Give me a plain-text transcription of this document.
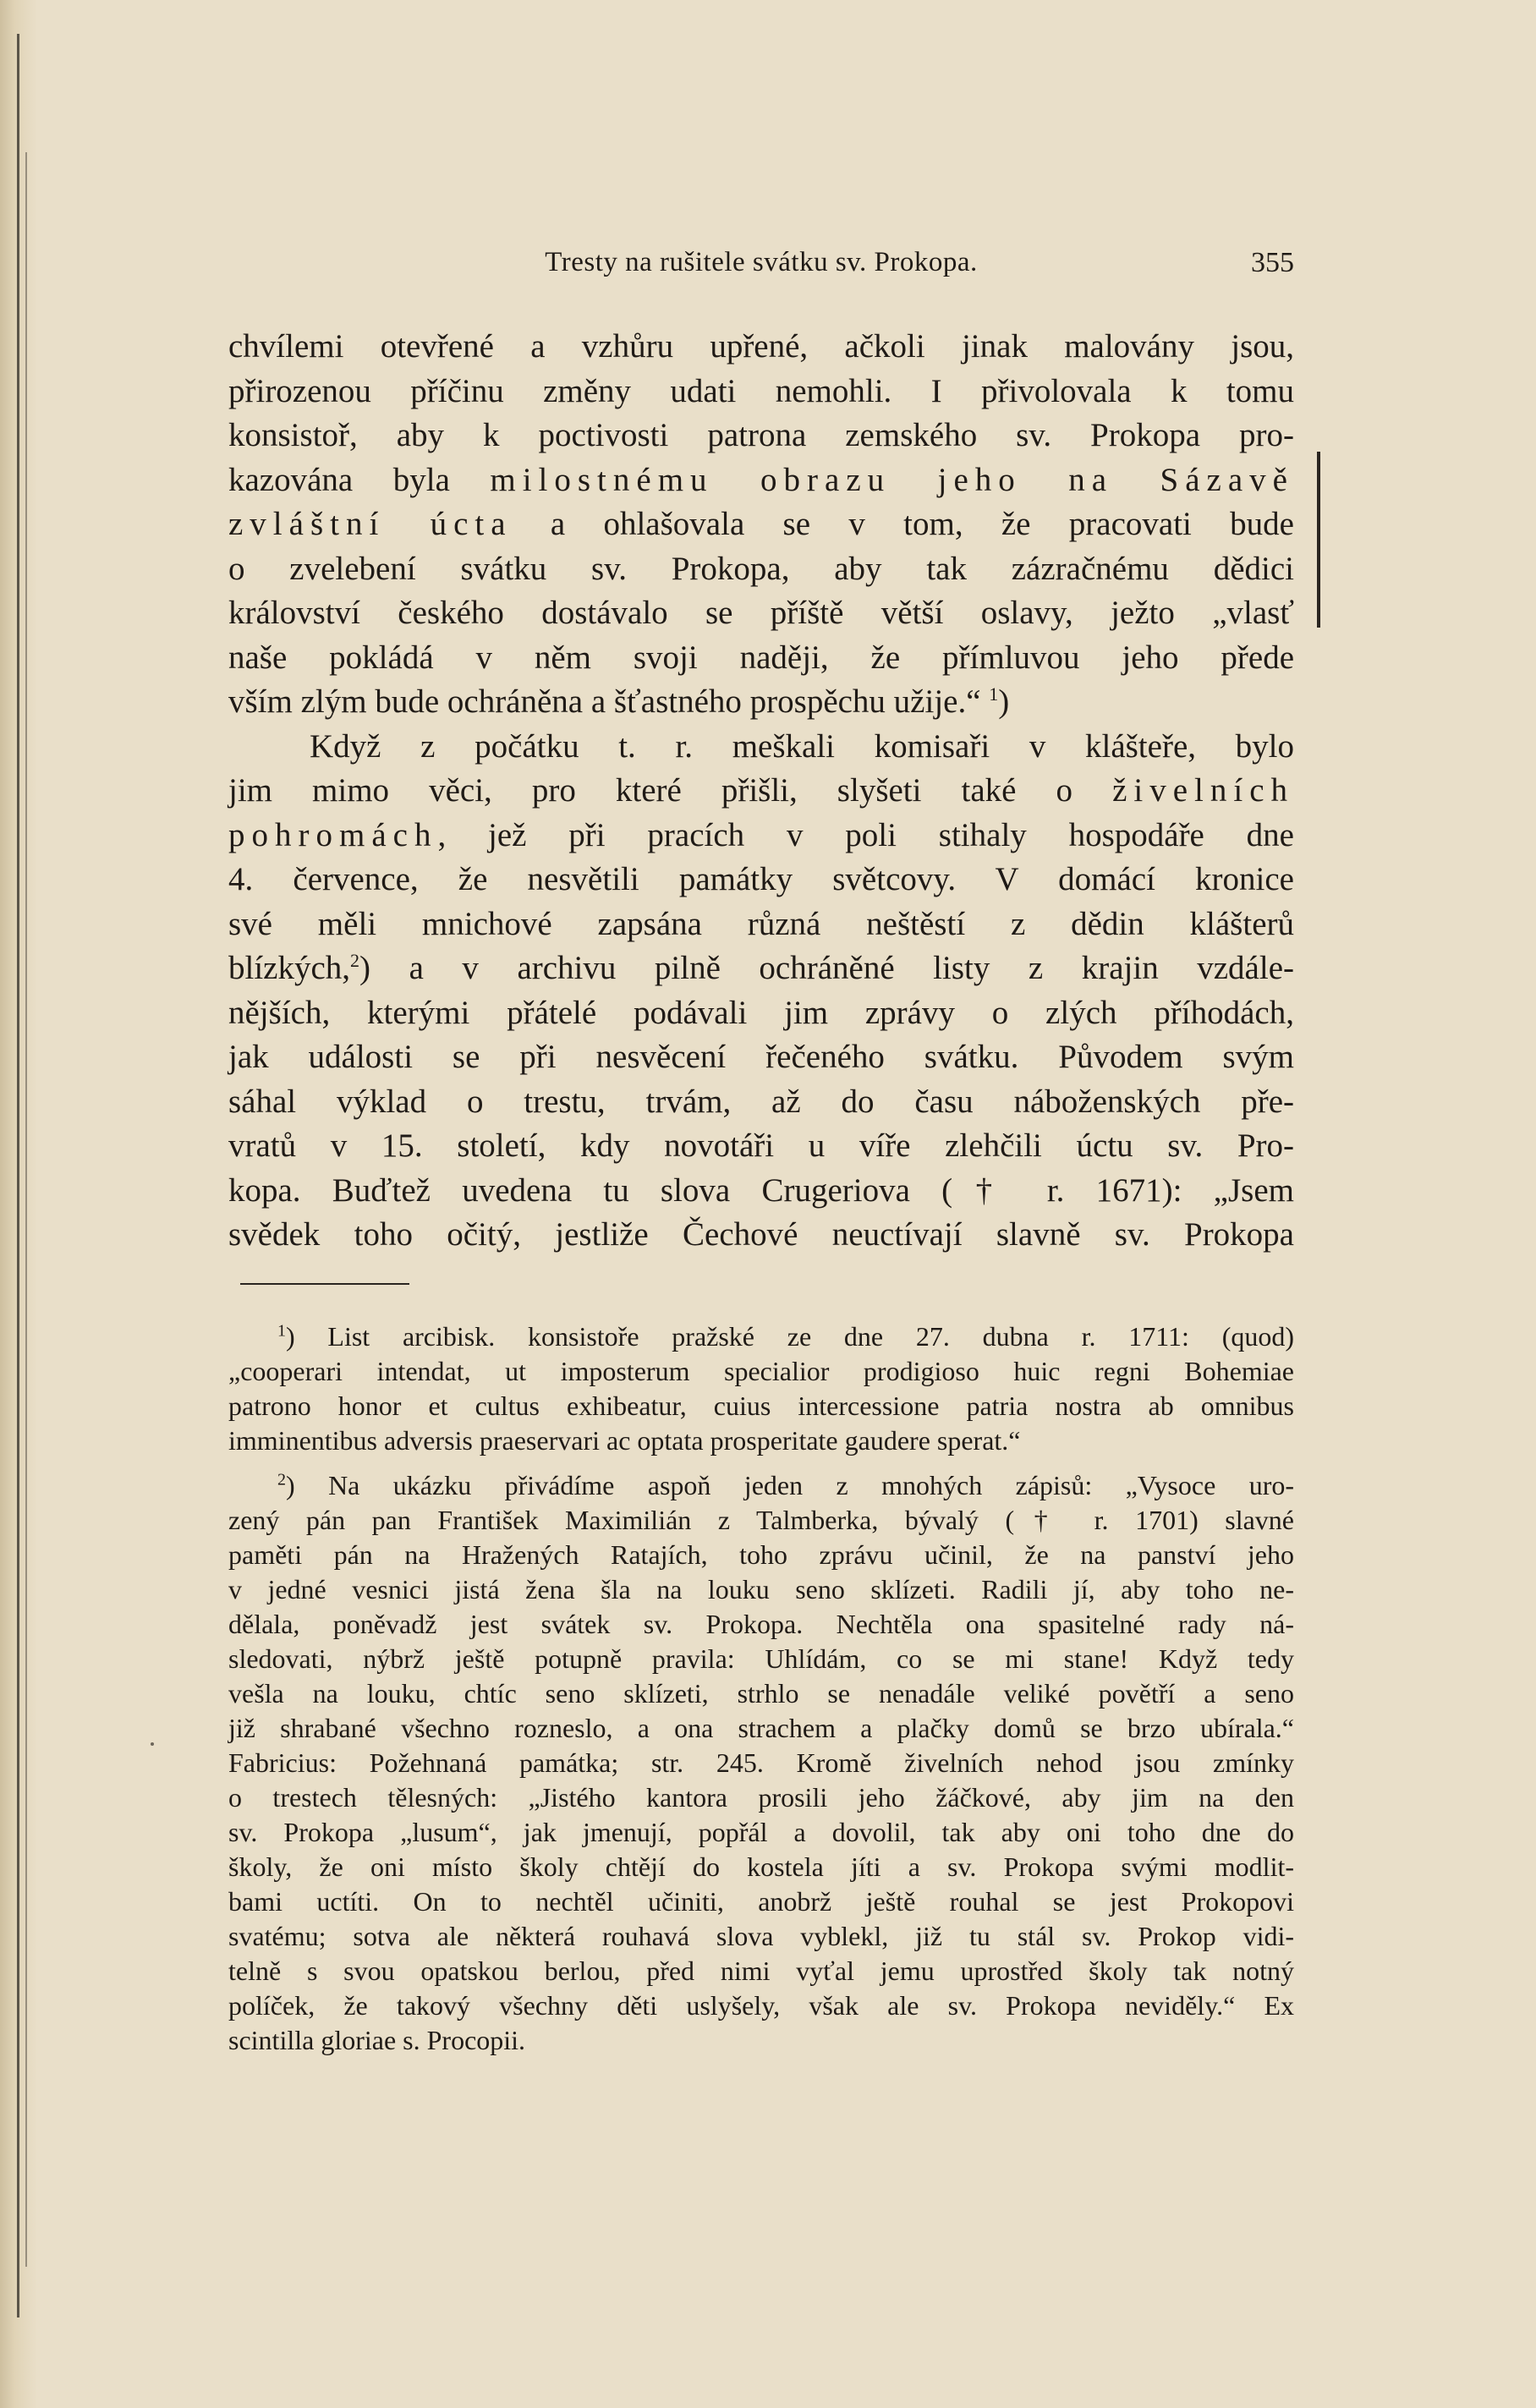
Tresty na rušitele svátku sv. Prokopa.	355
chvílemi otevřené a vzhůru upřené, ačkoli jinak malovány jsou,
přirozenou příčinu změny udati nemohli. I přivolovala k tomu
konsistoř, aby k poctivosti patrona zemského sv. Prokopa pro-
kazována byla milostnému obrazu jeho na Sázavě
zvláštní úcta a ohlašovala se v tom, že pracovati bude
o zvelebení svátku sv. Prokopa, aby tak zázračnému dědici
království českého dostávalo se příště větší oslavy, ježto „vlasť
naše pokládá v něm svoji naději, že přímluvou jeho přede
vším zlým bude ochráněna a šťastného prospěchu užije.“ $^1$)
Když z počátku t. r. meškali komisaři v klášteře, bylo
jim mimo věci, pro které přišli, slyšeti také o živelních
pohromách, jež při pracích v poli stihaly hospodáře dne
4. července, že nesvětili památky světcovy. V domácí kronice
své měli mnichové zapsána různá neštěstí z dědin klášterů
blízkých,$^2$) a v archivu pilně ochráněné listy z krajin vzdále-
nějších, kterými přátelé podávali jim zprávy o zlých příhodách,
jak události se při nesvěcení řečeného svátku. Původem svým
sáhal výklad o trestu, trvám, až do času náboženských pře-
vratů v 15. století, kdy novotáři u víře zlehčili úctu sv. Pro-
kopa. Buďtež uvedena tu slova Crugeriova († r. 1671): „Jsem
svědek toho očitý, jestliže Čechové neuctívají slavně sv. Prokopa
$^1$) List arcibisk. konsistoře pražské ze dne 27. dubna r. 1711: (quod)
„cooperari intendat, ut imposterum specialior prodigioso huic regni Bohemiae
patrono honor et cultus exhibeatur, cuius intercessione patria nostra ab omnibus
imminentibus adversis praeservari ac optata prosperitate gaudere sperat.“
$^2$) Na ukázku přivádíme aspoň jeden z mnohých zápisů: „Vysoce uro-
zený pán pan František Maximilián z Talmberka, bývalý († r. 1701) slavné
paměti pán na Hražených Ratajích, toho zprávu učinil, že na panství jeho
v jedné vesnici jistá žena šla na louku seno sklízeti. Radili jí, aby toho ne-
dělala, poněvadž jest svátek sv. Prokopa. Nechtěla ona spasitelné rady ná-
sledovati, nýbrž ještě potupně pravila: Uhlídám, co se mi stane! Když tedy
vešla na louku, chtíc seno sklízeti, strhlo se nenadále veliké povětří a seno
již shrabané všechno rozneslo, a ona strachem a plačky domů se brzo ubírala.“
Fabricius: Požehnaná památka; str. 245. Kromě živelních nehod jsou zmínky
o trestech tělesných: „Jistého kantora prosili jeho žáčkové, aby jim na den
sv. Prokopa „lusum“, jak jmenují, popřál a dovolil, tak aby oni toho dne do
školy, že oni místo školy chtějí do kostela jíti a sv. Prokopa svými modlit-
bami uctíti. On to nechtěl učiniti, anobrž ještě rouhal se jest Prokopovi
svatému; sotva ale některá rouhavá slova vyblekl, již tu stál sv. Prokop vidi-
telně s svou opatskou berlou, před nimi vyťal jemu uprostřed školy tak notný
políček, že takový všechny děti uslyšely, však ale sv. Prokopa neviděly.“ Ex
scintilla gloriae s. Procopii.
